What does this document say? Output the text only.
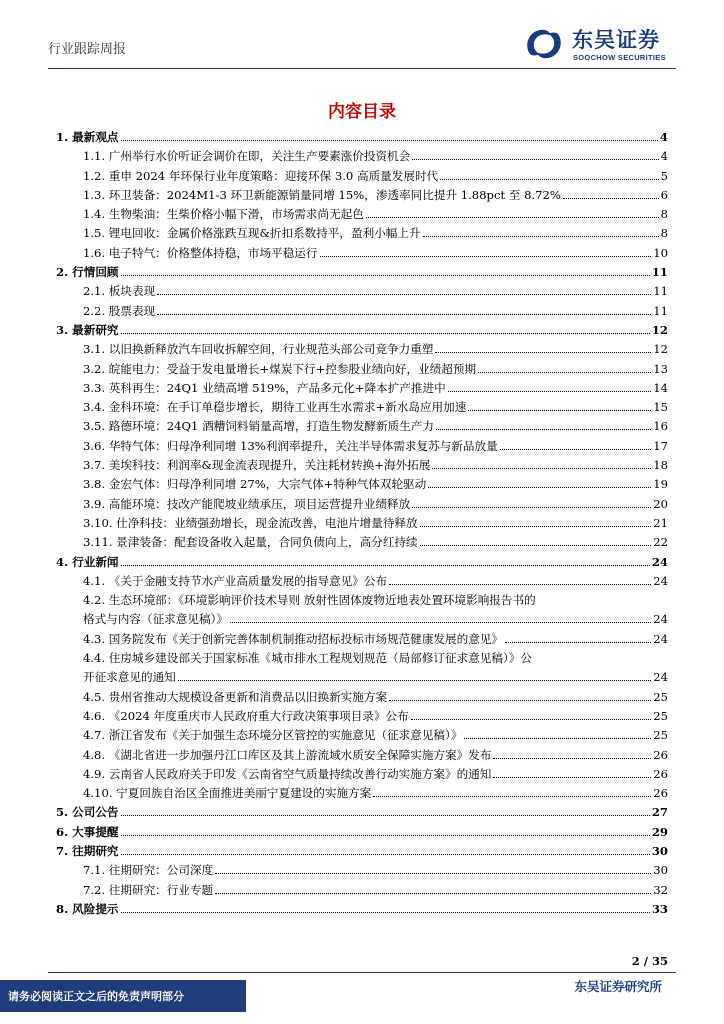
行业跟踪周报	东吴证券
SOOCHOW SECURITIES
内容目录
1. 最新观点	4
1.1. 广州举行水价听证会调价在即，关注生产要素涨价投资机会	4
1.2. 重申 2024 年环保行业年度策略：迎接环保 3.0 高质量发展时代	5
1.3. 环卫装备：2024M1-3 环卫新能源销量同增 15%，渗透率同比提升 1.88pct 至 8.72%	6
1.4. 生物柴油：生柴价格小幅下滑，市场需求尚无起色	8
1.5. 锂电回收：金属价格涨跌互现&折扣系数持平，盈利小幅上升	8
1.6. 电子特气：价格整体持稳，市场平稳运行	10
2. 行情回顾	11
2.1. 板块表现	11
2.2. 股票表现	11
3. 最新研究	12
3.1. 以旧换新释放汽车回收拆解空间，行业规范头部公司竞争力重塑	12
3.2. 皖能电力：受益于发电量增长+煤炭下行+控参股业绩向好，业绩超预期	13
3.3. 英科再生：24Q1 业绩高增 519%，产品多元化+降本扩产推进中	14
3.4. 金科环境：在手订单稳步增长，期待工业再生水需求+新水岛应用加速	15
3.5. 路德环境：24Q1 酒糟饲料销量高增，打造生物发酵新质生产力	16
3.6. 华特气体：归母净利同增 13%利润率提升，关注半导体需求复苏与新品放量	17
3.7. 美埃科技：利润率&现金流表现提升，关注耗材转换+海外拓展	18
3.8. 金宏气体：归母净利同增 27%，大宗气体+特种气体双轮驱动	19
3.9. 高能环境：技改产能爬坡业绩承压，项目运营提升业绩释放	20
3.10. 仕净科技：业绩强劲增长，现金流改善，电池片增量待释放	21
3.11. 景津装备：配套设备收入起量，合同负债向上，高分红持续	22
4. 行业新闻	24
4.1. 《关于金融支持节水产业高质量发展的指导意见》公布	24
4.2. 生态环境部：《环境影响评价技术导则 放射性固体废物近地表处置环境影响报告书的
格式与内容（征求意见稿）》	24
4.3. 国务院发布《关于创新完善体制机制推动招标投标市场规范健康发展的意见》	24
4.4. 住房城乡建设部关于国家标准《城市排水工程规划规范（局部修订征求意见稿）》公
开征求意见的通知	24
4.5. 贵州省推动大规模设备更新和消费品以旧换新实施方案	25
4.6. 《2024 年度重庆市人民政府重大行政决策事项目录》公布	25
4.7. 浙江省发布《关于加强生态环境分区管控的实施意见（征求意见稿）》	25
4.8. 《湖北省进一步加强丹江口库区及其上游流域水质安全保障实施方案》发布	26
4.9. 云南省人民政府关于印发《云南省空气质量持续改善行动实施方案》的通知	26
4.10. 宁夏回族自治区全面推进美丽宁夏建设的实施方案	26
5. 公司公告	27
6. 大事提醒	29
7. 往期研究	30
7.1. 往期研究：公司深度	30
7.2. 往期研究：行业专题	32
8. 风险提示	33
2 / 35
东吴证券研究所
请务必阅读正文之后的免责声明部分
